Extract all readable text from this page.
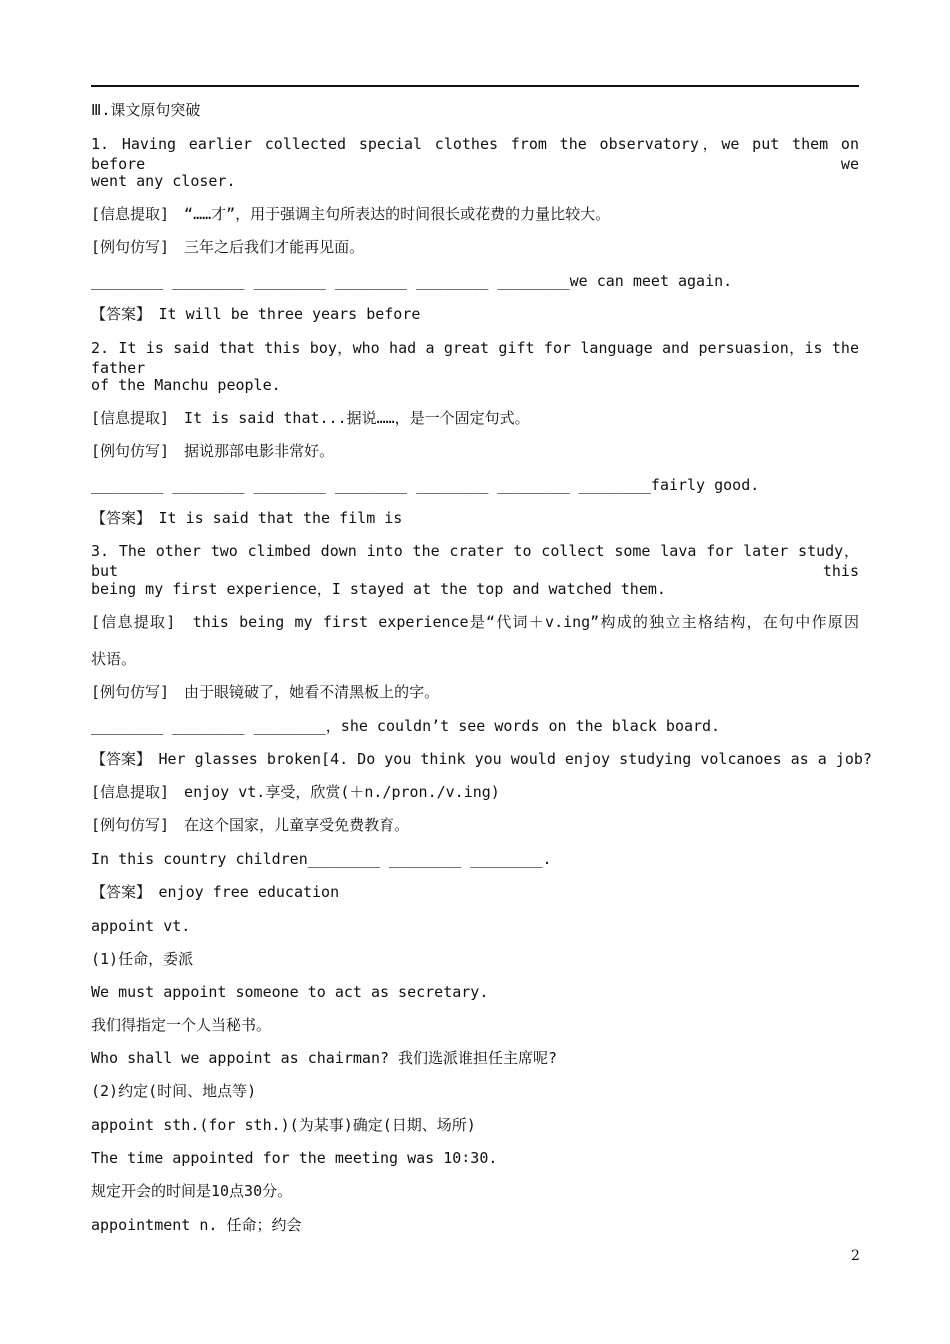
Ⅲ.课文原句突破
1. Having earlier collected special clothes from the observatory，we put them on before we
went any closer.
[信息提取]　“……才”，用于强调主句所表达的时间很长或花费的力量比较大。
[例句仿写]　三年之后我们才能再见面。
________ ________ ________ ________ ________ ________we can meet again.
【答案】　It will be three years before
2. It is said that this boy，who had a great gift for language and persuasion，is the father
of the Manchu people.
[信息提取]　It is said that...据说……，是一个固定句式。
[例句仿写]　据说那部电影非常好。
________ ________ ________ ________ ________ ________ ________fairly good.
【答案】　It is said that the film is
3. The other two climbed down into the crater to collect some lava for later study，but this
being my first experience，I stayed at the top and watched them.
[信息提取]　this being my first experience是“代词＋v.ing”构成的独立主格结构，在句中作原因
状语。
[例句仿写]　由于眼镜破了，她看不清黑板上的字。
________ ________ ________，she couldn’t see words on the black board.
【答案】　Her glasses broken[4. Do you think you would enjoy studying volcanoes as a job?
[信息提取]　enjoy vt.享受，欣赏(＋n./pron./v.ing)
[例句仿写]　在这个国家，儿童享受免费教育。
In this country children________ ________ ________.
【答案】　enjoy free education
appoint vt.
(1)任命，委派
We must appoint someone to act as secretary.
我们得指定一个人当秘书。
Who shall we appoint as chairman? 我们选派谁担任主席呢?
(2)约定(时间、地点等)
appoint sth.(for sth.)(为某事)确定(日期、场所)
The time appointed for the meeting was 10∶30.
规定开会的时间是10点30分。
appointment n. 任命；约会
2
